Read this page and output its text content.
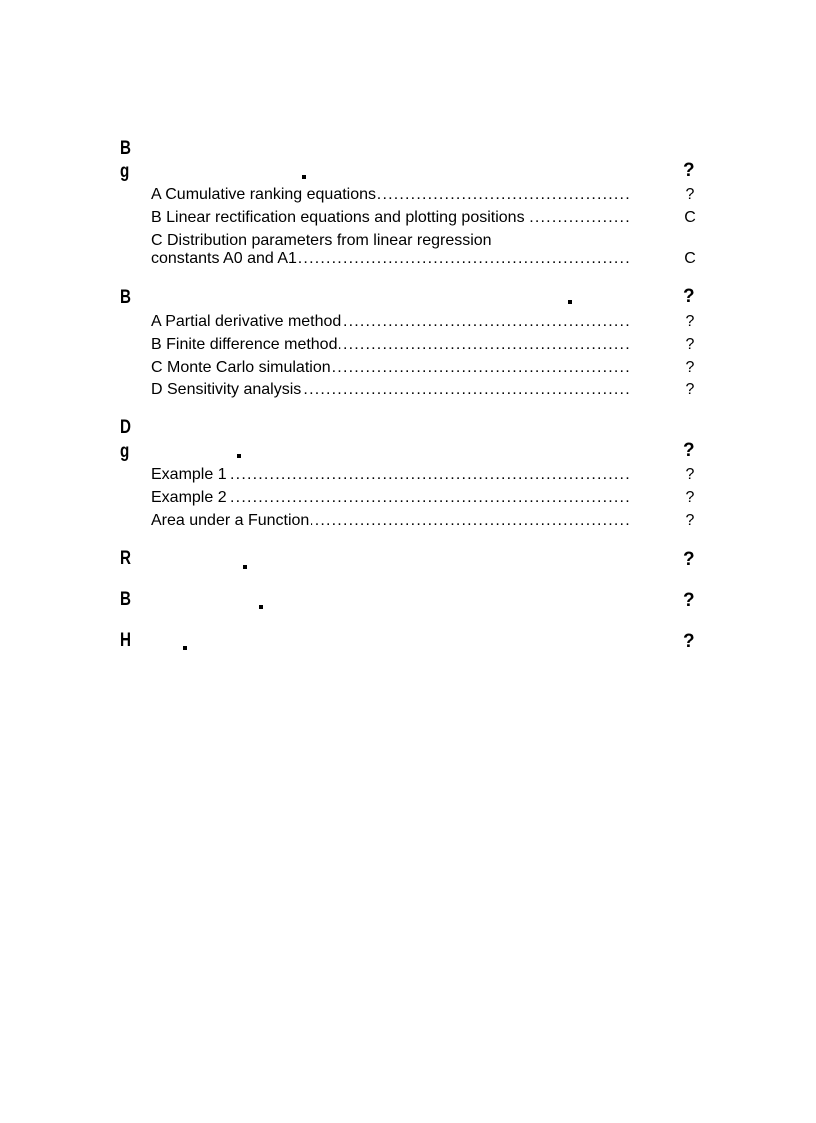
B
g	?
.....
A Cumulative ranking equations	?
.....
B Linear rectification equations and plotting positions	C
C Distribution parameters from linear regression
.....
constants A0 and A1	C
B	?
.....
A Partial derivative method	?
.....
B Finite difference method	?
.....
C Monte Carlo simulation	?
.....
D Sensitivity analysis	?
D
g	?
.....
Example 1	?
.....
Example 2	?
.....
Area under a Function	?
R	?
B	?
H	?
